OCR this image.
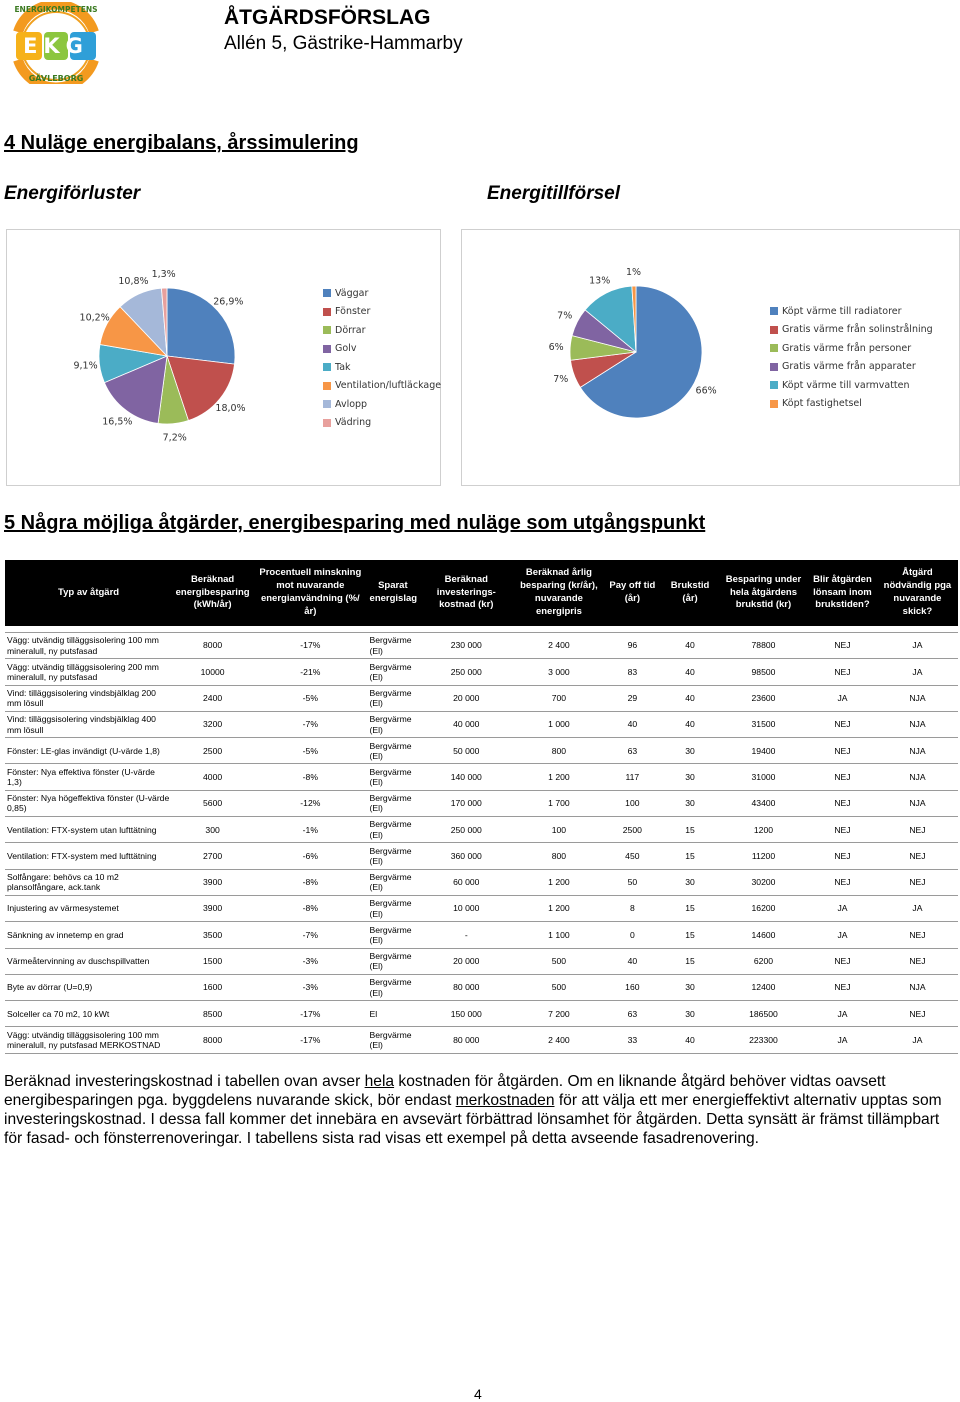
EKG
ENERGIKOMPETENS
GÄVLEBORG
ÅTGÄRDSFÖRSLAG
Allén 5, Gästrike-Hammarby
4 Nuläge energibalans, årssimulering
Energiförluster	Energitillförsel
26,9%
18,0%
7,2%
16,5%
9,1%
10,2%
10,8%
1,3%
Väggar
Fönster
Dörrar
Golv
Tak
Ventilation/luftläckage
Avlopp
Vädring
66%
7%
6%
7%
13%
1%
Köpt värme till radiatorer
Gratis värme från solinstrålning
Gratis värme från personer
Gratis värme från apparater
Köpt värme till varmvatten
Köpt fastighetsel
5 Några möjliga åtgärder, energibesparing med nuläge som utgångspunkt
Typ av åtgärd	Beräknad energibesparing (kWh/år)	Procentuell minskning mot nuvarande energianvändning (%/år)	Sparat energislag	Beräknad investerings-kostnad (kr)	Beräknad årlig besparing (kr/år), nuvarande energipris	Pay off tid (år)	Brukstid (år)	Besparing under hela åtgärdens brukstid (kr)	Blir åtgärden lönsam inom brukstiden?	Åtgärd nödvändig pga nuvarande skick?

Vägg: utvändig tilläggsisolering 100 mm mineralull, ny putsfasad	8000	-17%	Bergvärme (El)	230 000	2 400	96	40	78800	NEJ	JA
Vägg: utvändig tilläggsisolering 200 mm mineralull, ny putsfasad	10000	-21%	Bergvärme (El)	250 000	3 000	83	40	98500	NEJ	JA
Vind: tilläggsisolering vindsbjälklag 200 mm lösull	2400	-5%	Bergvärme (El)	20 000	700	29	40	23600	JA	NJA
Vind: tilläggsisolering vindsbjälklag 400 mm lösull	3200	-7%	Bergvärme (El)	40 000	1 000	40	40	31500	NEJ	NJA
Fönster: LE-glas invändigt (U-värde 1,8)	2500	-5%	Bergvärme (El)	50 000	800	63	30	19400	NEJ	NJA
Fönster: Nya effektiva fönster (U-värde 1,3)	4000	-8%	Bergvärme (El)	140 000	1 200	117	30	31000	NEJ	NJA
Fönster: Nya högeffektiva fönster (U-värde 0,85)	5600	-12%	Bergvärme (El)	170 000	1 700	100	30	43400	NEJ	NJA
Ventilation: FTX-system utan lufttätning	300	-1%	Bergvärme (El)	250 000	100	2500	15	1200	NEJ	NEJ
Ventilation: FTX-system med lufttätning	2700	-6%	Bergvärme (El)	360 000	800	450	15	11200	NEJ	NEJ
Solfångare: behövs ca 10 m2 plansolfångare, ack.tank	3900	-8%	Bergvärme (El)	60 000	1 200	50	30	30200	NEJ	NEJ
Injustering av värmesystemet	3900	-8%	Bergvärme (El)	10 000	1 200	8	15	16200	JA	JA
Sänkning av innetemp en grad	3500	-7%	Bergvärme (El)	-	1 100	0	15	14600	JA	NEJ
Värmeåtervinning av duschspillvatten	1500	-3%	Bergvärme (El)	20 000	500	40	15	6200	NEJ	NEJ
Byte av dörrar (U=0,9)	1600	-3%	Bergvärme (El)	80 000	500	160	30	12400	NEJ	NJA
Solceller ca 70 m2, 10 kWt	8500	-17%	El	150 000	7 200	63	30	186500	JA	NEJ
Vägg: utvändig tilläggsisolering 100 mm mineralull, ny putsfasad MERKOSTNAD	8000	-17%	Bergvärme (El)	80 000	2 400	33	40	223300	JA	JA
Beräknad investeringskostnad i tabellen ovan avser hela kostnaden för åtgärden. Om en liknande åtgärd behöver vidtas oavsett energibesparingen pga. byggdelens nuvarande skick, bör endast merkostnaden för att välja ett mer energieffektivt alternativ upptas som investeringskostnad. I dessa fall kommer det innebära en avsevärt förbättrad lönsamhet för åtgärden. Detta synsätt är främst tillämpbart för fasad- och fönsterrenoveringar. I tabellens sista rad visas ett exempel på detta avseende fasadrenovering.
4
